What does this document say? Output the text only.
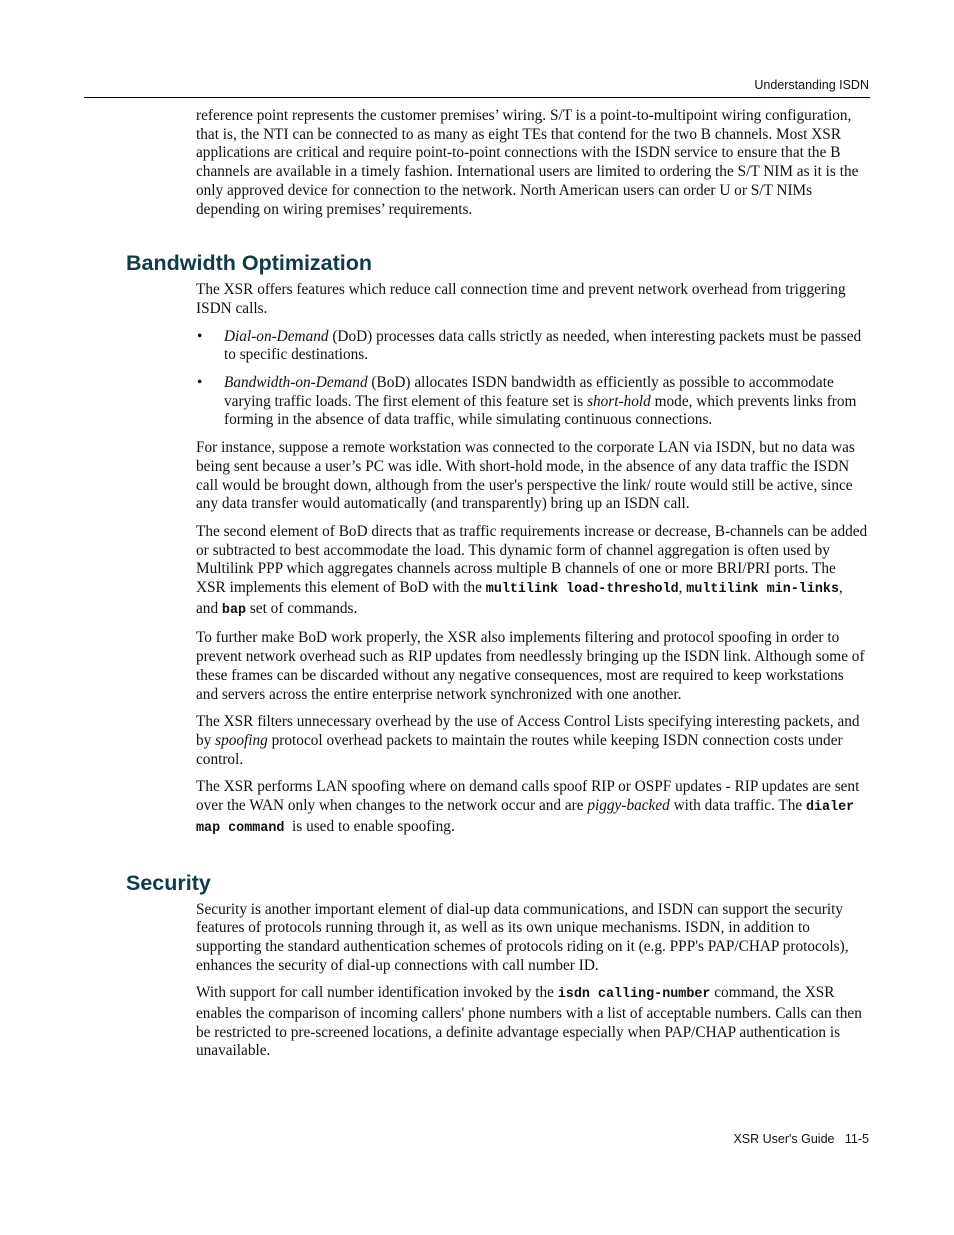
Understanding ISDN

reference point represents the customer premises’ wiring. S/T is a point-to-multipoint wiring configuration, that is, the NTI can be connected to as many as eight TEs that contend for the two B channels. Most XSR applications are critical and require point-to-point connections with the ISDN service to ensure that the B channels are available in a timely fashion. International users are limited to ordering the S/T NIM as it is the only approved device for connection to the network. North American users can order U or S/T NIMs depending on wiring premises’ requirements.

Bandwidth Optimization

The XSR offers features which reduce call connection time and prevent network overhead from triggering ISDN calls.

• Dial-on-Demand (DoD) processes data calls strictly as needed, when interesting packets must be passed to specific destinations.
• Bandwidth-on-Demand (BoD) allocates ISDN bandwidth as efficiently as possible to accommodate varying traffic loads. The first element of this feature set is short-hold mode, which prevents links from forming in the absence of data traffic, while simulating continuous connections.

For instance, suppose a remote workstation was connected to the corporate LAN via ISDN, but no data was being sent because a user’s PC was idle. With short-hold mode, in the absence of any data traffic the ISDN call would be brought down, although from the user's perspective the link/ route would still be active, since any data transfer would automatically (and transparently) bring up an ISDN call.

The second element of BoD directs that as traffic requirements increase or decrease, B-channels can be added or subtracted to best accommodate the load. This dynamic form of channel aggregation is often used by Multilink PPP which aggregates channels across multiple B channels of one or more BRI/PRI ports. The XSR implements this element of BoD with the multilink load-threshold, multilink min-links, and bap set of commands.

To further make BoD work properly, the XSR also implements filtering and protocol spoofing in order to prevent network overhead such as RIP updates from needlessly bringing up the ISDN link. Although some of these frames can be discarded without any negative consequences, most are required to keep workstations and servers across the entire enterprise network synchronized with one another.

The XSR filters unnecessary overhead by the use of Access Control Lists specifying interesting packets, and by spoofing protocol overhead packets to maintain the routes while keeping ISDN connection costs under control.

The XSR performs LAN spoofing where on demand calls spoof RIP or OSPF updates - RIP updates are sent over the WAN only when changes to the network occur and are piggy-backed with data traffic. The dialer map command  is used to enable spoofing.

Security

Security is another important element of dial-up data communications, and ISDN can support the security features of protocols running through it, as well as its own unique mechanisms. ISDN, in addition to supporting the standard authentication schemes of protocols riding on it (e.g. PPP's PAP/CHAP protocols), enhances the security of dial-up connections with call number ID.

With support for call number identification invoked by the isdn calling-number command, the XSR enables the comparison of incoming callers' phone numbers with a list of acceptable numbers. Calls can then be restricted to pre-screened locations, a definite advantage especially when PAP/CHAP authentication is unavailable.

XSR User's Guide 11-5
